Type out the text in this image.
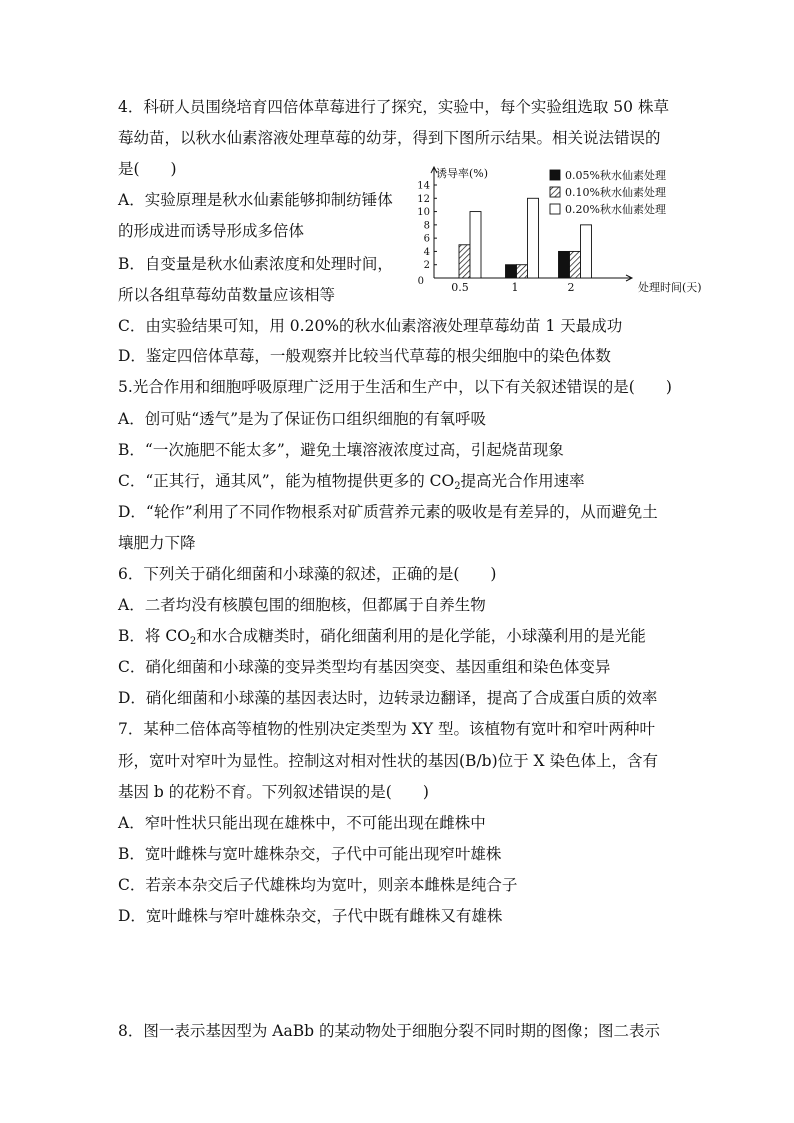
4．科研人员围绕培育四倍体草莓进行了探究，实验中，每个实验组选取 50 株草
莓幼苗，以秋水仙素溶液处理草莓的幼芽，得到下图所示结果。相关说法错误的
是(　　)
A．实验原理是秋水仙素能够抑制纺锤体
的形成进而诱导形成多倍体
B．自变量是秋水仙素浓度和处理时间，
所以各组草莓幼苗数量应该相等
C．由实验结果可知，用 0.20%的秋水仙素溶液处理草莓幼苗 1 天最成功
D．鉴定四倍体草莓，一般观察并比较当代草莓的根尖细胞中的染色体数
0
2
4
6
8
10
12
14
0.5	1	2
0.05%秋水仙素处理
0.10%秋水仙素处理
0.20%秋水仙素处理
诱导率(%)
处理时间(天)
5.光合作用和细胞呼吸原理广泛用于生活和生产中，以下有关叙述错误的是(　　)
A．创可贴“透气”是为了保证伤口组织细胞的有氧呼吸
B．“一次施肥不能太多”，避免土壤溶液浓度过高，引起烧苗现象
C．“正其行，通其风”，能为植物提供更多的 $CO_2$提高光合作用速率
D．“轮作”利用了不同作物根系对矿质营养元素的吸收是有差异的，从而避免土
壤肥力下降
6．下列关于硝化细菌和小球藻的叙述，正确的是(　　)
A．二者均没有核膜包围的细胞核，但都属于自养生物
B．将 $CO_2$和水合成糖类时，硝化细菌利用的是化学能，小球藻利用的是光能
C．硝化细菌和小球藻的变异类型均有基因突变、基因重组和染色体变异
D．硝化细菌和小球藻的基因表达时，边转录边翻译，提高了合成蛋白质的效率
7．某种二倍体高等植物的性别决定类型为 XY 型。该植物有宽叶和窄叶两种叶
形，宽叶对窄叶为显性。控制这对相对性状的基因(B/b)位于 X 染色体上，含有
基因 b 的花粉不育。下列叙述错误的是(　　)
A．窄叶性状只能出现在雄株中，不可能出现在雌株中
B．宽叶雌株与宽叶雄株杂交，子代中可能出现窄叶雄株
C．若亲本杂交后子代雄株均为宽叶，则亲本雌株是纯合子
D．宽叶雌株与窄叶雄株杂交，子代中既有雌株又有雄株
8．图一表示基因型为 AaBb 的某动物处于细胞分裂不同时期的图像；图二表示
